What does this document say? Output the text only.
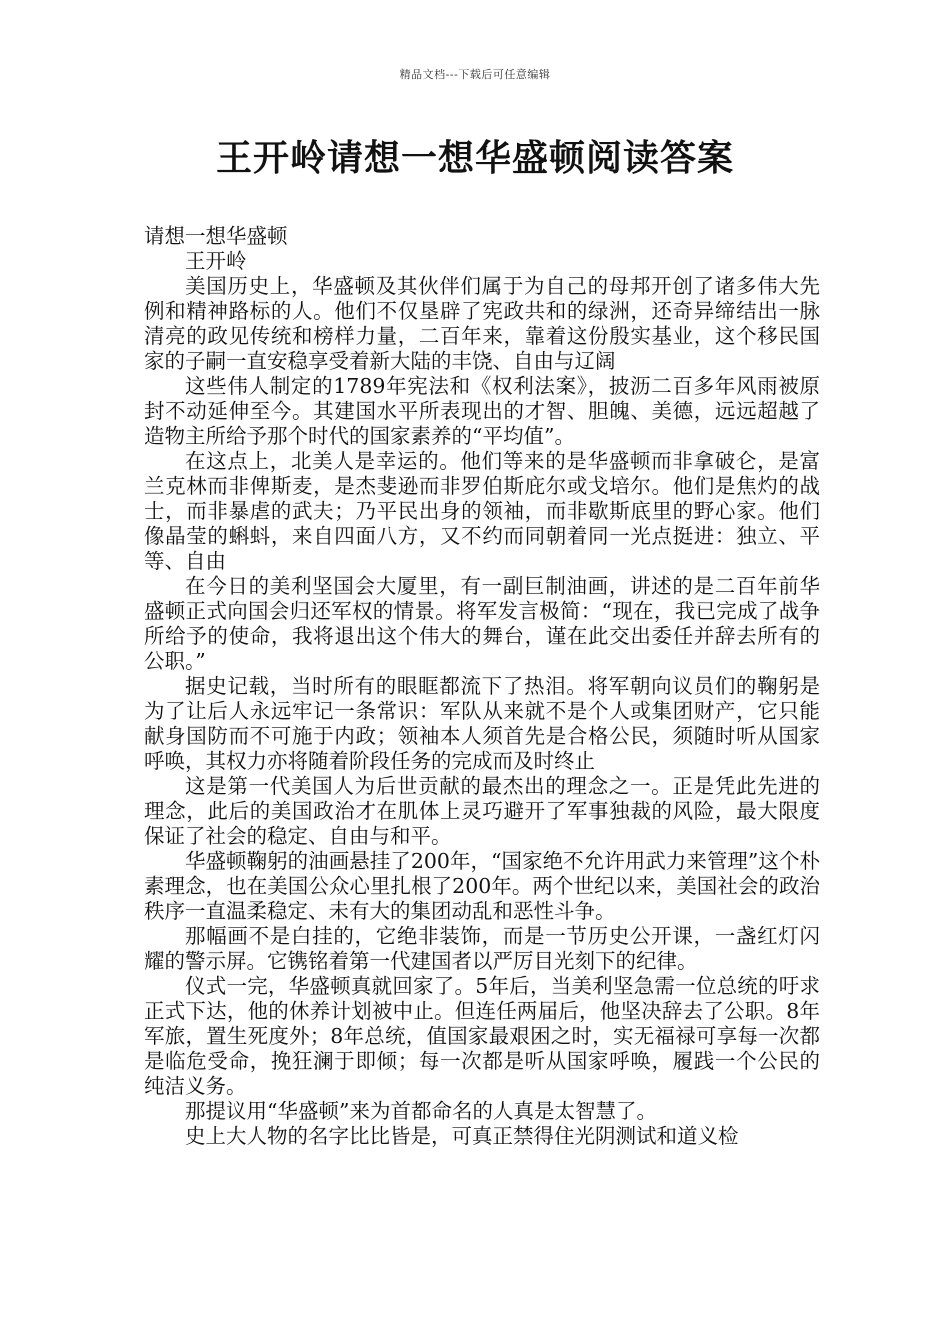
精品文档---下载后可任意编辑
王开岭请想一想华盛顿阅读答案

请想一想华盛顿

王开岭

美国历史上，华盛顿及其伙伴们属于为自己的母邦开创了诸多伟大先例和精神路标的人。他们不仅垦辟了宪政共和的绿洲，还奇异缔结出一脉清亮的政见传统和榜样力量，二百年来，靠着这份殷实基业，这个移民国家的子嗣一直安稳享受着新大陆的丰饶、自由与辽阔

这些伟人制定的1789年宪法和《权利法案》，披沥二百多年风雨被原封不动延伸至今。其建国水平所表现出的才智、胆魄、美德，远远超越了造物主所给予那个时代的国家素养的“平均值”。

在这点上，北美人是幸运的。他们等来的是华盛顿而非拿破仑，是富兰克林而非俾斯麦，是杰斐逊而非罗伯斯庇尔或戈培尔。他们是焦灼的战士，而非暴虐的武夫；乃平民出身的领袖，而非歇斯底里的野心家。他们像晶莹的蝌蚪，来自四面八方，又不约而同朝着同一光点挺进：独立、平等、自由

在今日的美利坚国会大厦里，有一副巨制油画，讲述的是二百年前华盛顿正式向国会归还军权的情景。将军发言极简：“现在，我已完成了战争所给予的使命，我将退出这个伟大的舞台，谨在此交出委任并辞去所有的公职。”

据史记载，当时所有的眼眶都流下了热泪。将军朝向议员们的鞠躬是为了让后人永远牢记一条常识：军队从来就不是个人或集团财产，它只能献身国防而不可施于内政；领袖本人须首先是合格公民，须随时听从国家呼唤，其权力亦将随着阶段任务的完成而及时终止

这是第一代美国人为后世贡献的最杰出的理念之一。正是凭此先进的理念，此后的美国政治才在肌体上灵巧避开了军事独裁的风险，最大限度保证了社会的稳定、自由与和平。

华盛顿鞠躬的油画悬挂了200年，“国家绝不允许用武力来管理”这个朴素理念，也在美国公众心里扎根了200年。两个世纪以来，美国社会的政治秩序一直温柔稳定、未有大的集团动乱和恶性斗争。

那幅画不是白挂的，它绝非装饰，而是一节历史公开课，一盏红灯闪耀的警示屏。它镌铭着第一代建国者以严厉目光刻下的纪律。

仪式一完，华盛顿真就回家了。5年后，当美利坚急需一位总统的吁求正式下达，他的休养计划被中止。但连任两届后，他坚决辞去了公职。8年军旅，置生死度外；8年总统，值国家最艰困之时，实无福禄可享每一次都是临危受命，挽狂澜于即倾；每一次都是听从国家呼唤，履践一个公民的纯洁义务。

那提议用“华盛顿”来为首都命名的人真是太智慧了。

史上大人物的名字比比皆是，可真正禁得住光阴测试和道义检
